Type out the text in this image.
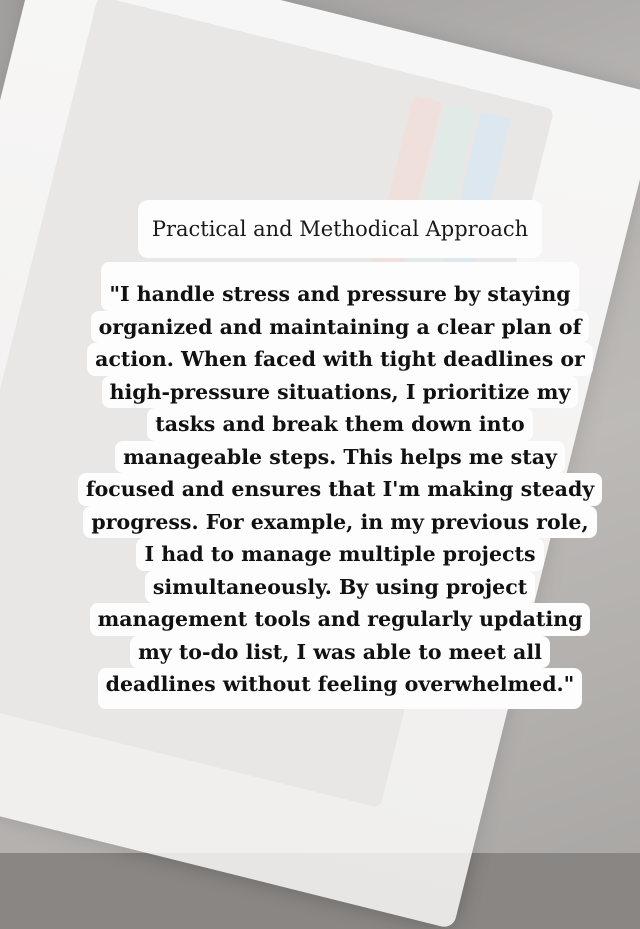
Practical and Methodical Approach
"I handle stress and pressure by staying
organized and maintaining a clear plan of
action. When faced with tight deadlines or
high-pressure situations, I prioritize my
tasks and break them down into
manageable steps. This helps me stay
focused and ensures that I'm making steady
progress. For example, in my previous role,
I had to manage multiple projects
simultaneously. By using project
management tools and regularly updating
my to-do list, I was able to meet all
deadlines without feeling overwhelmed."
